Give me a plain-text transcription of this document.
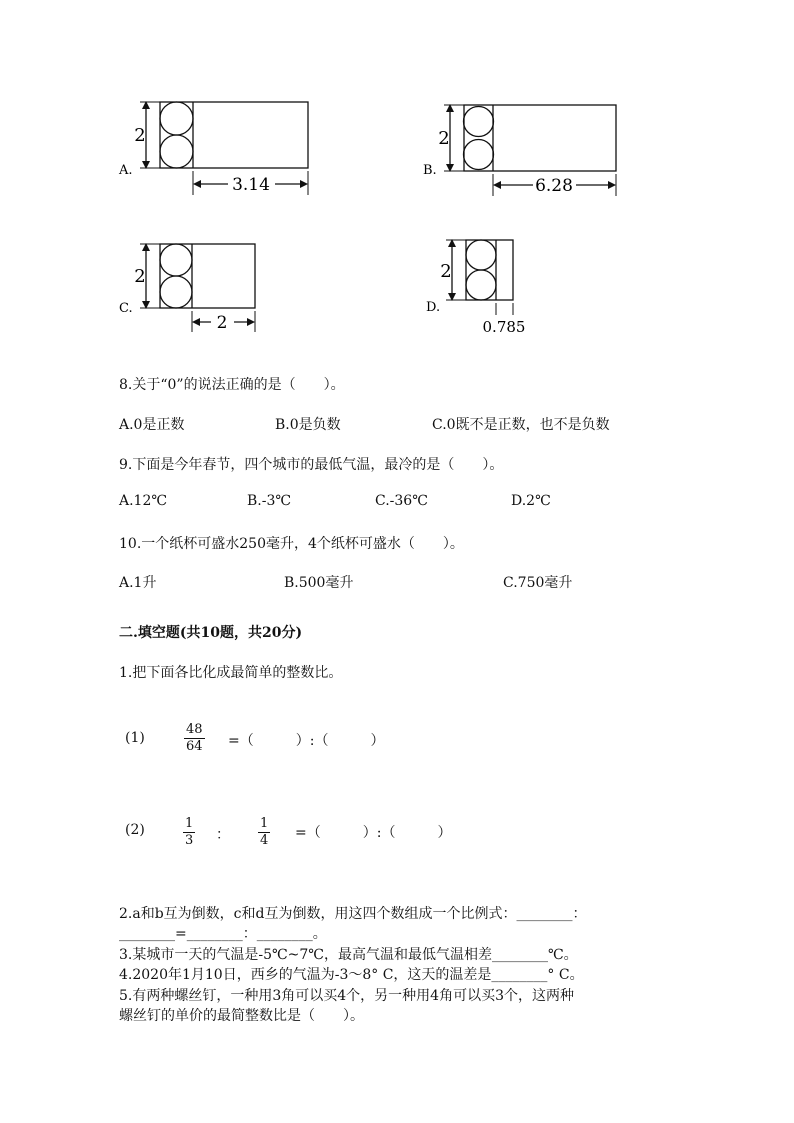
2
3.14
A.
2
6.28
B.
2
2
C.
2
0.785
D.
8.关于“0”的说法正确的是（　　）。
A.0是正数	B.0是负数	C.0既不是正数，也不是负数
9.下面是今年春节，四个城市的最低气温，最冷的是（　　）。
A.12℃	B.-3℃	C.-36℃	D.2℃
10.一个纸杯可盛水250毫升，4个纸杯可盛水（　　）。
A.1升	B.500毫升	C.750毫升
二.填空题(共10题，共20分)
1.把下面各比化成最简单的整数比。
(1)	$\frac{48}{64}$ =（　　　）:（　　　）
(2)	$\frac{1}{3}$ ： $\frac{1}{4}$ =（　　　）:（　　　）
2.a和b互为倒数，c和d互为倒数，用这四个数组成一个比例式：________：
________=________：________。
3.某城市一天的气温是-5℃~7℃，最高气温和最低气温相差________℃。
4.2020年1月10日，西乡的气温为-3～8° C，这天的温差是________° C。
5.有两种螺丝钉，一种用3角可以买4个，另一种用4角可以买3个，这两种
螺丝钉的单价的最简整数比是（　　）。
